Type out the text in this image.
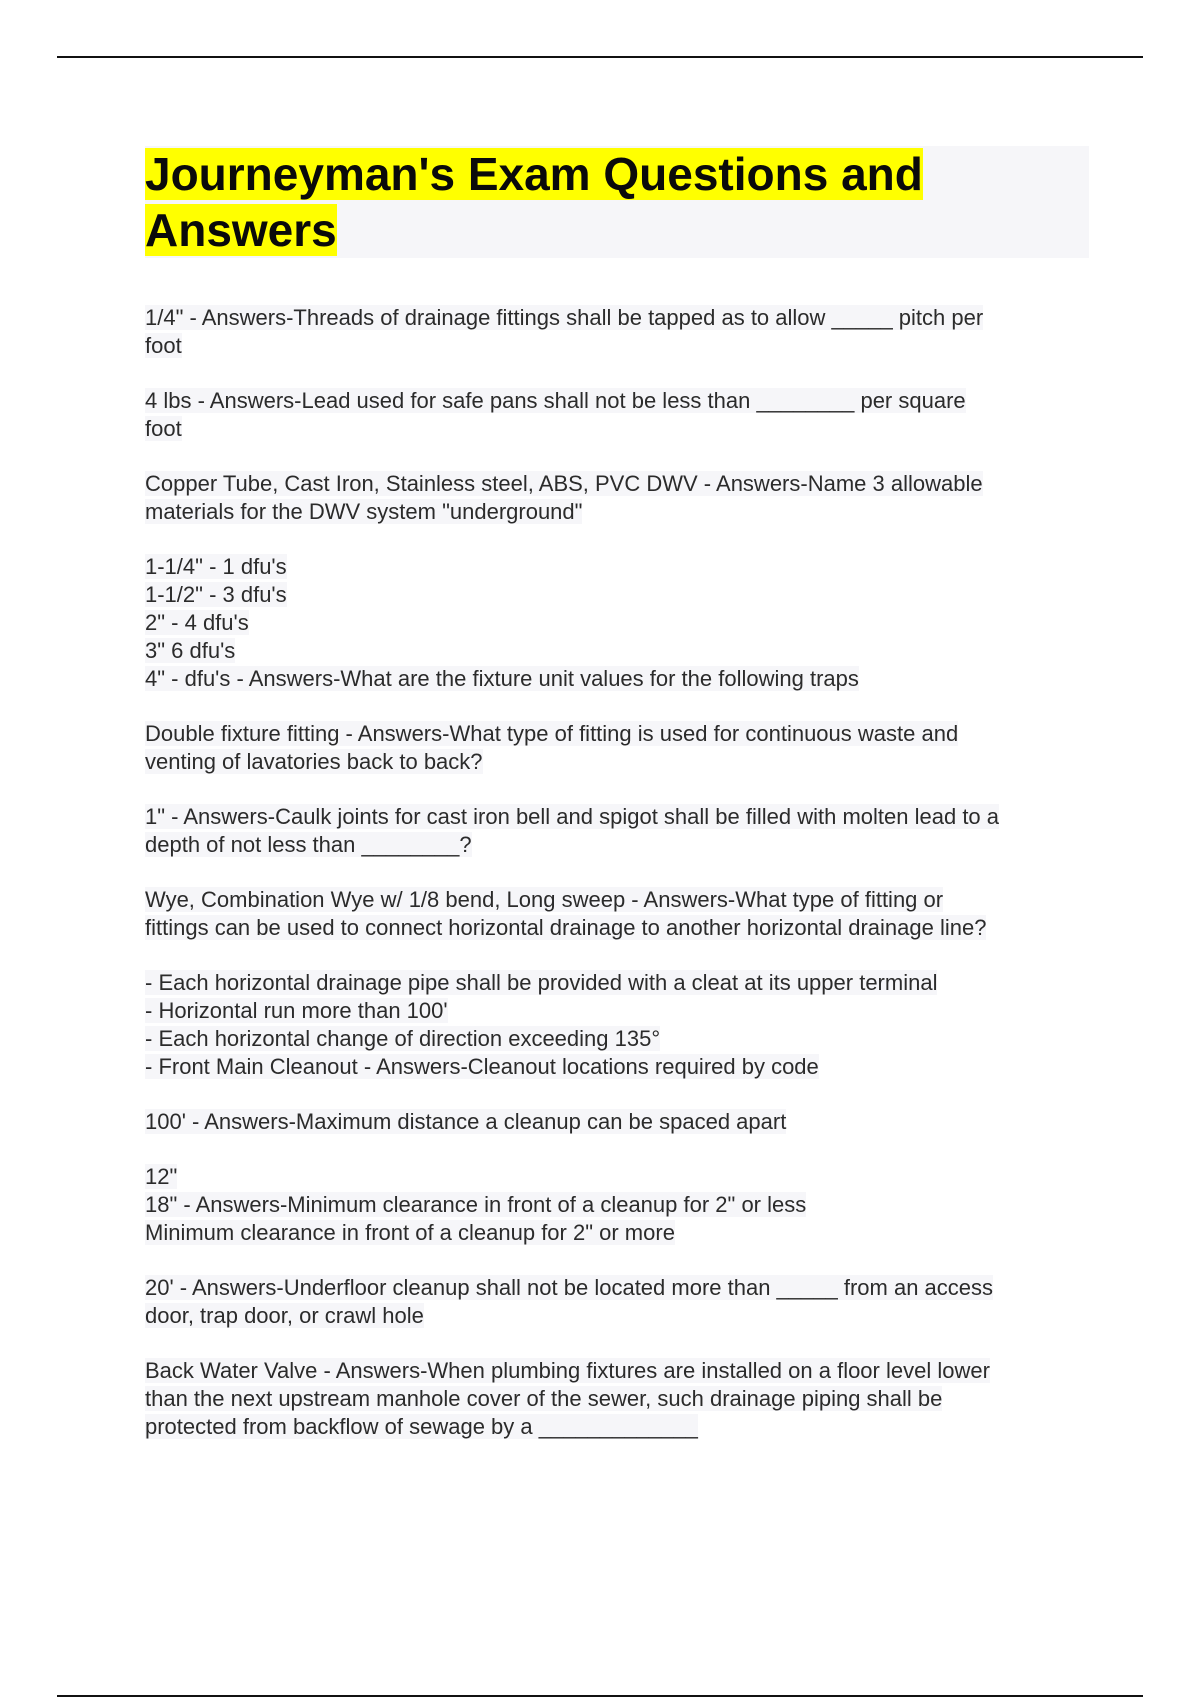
Journeyman's Exam Questions and
Answers
1/4" - Answers-Threads of drainage fittings shall be tapped as to allow _____ pitch per
foot
4 lbs - Answers-Lead used for safe pans shall not be less than ________ per square
foot
Copper Tube, Cast Iron, Stainless steel, ABS, PVC DWV - Answers-Name 3 allowable
materials for the DWV system "underground"
1-1/4" - 1 dfu's
1-1/2" - 3 dfu's
2" - 4 dfu's
3" 6 dfu's
4" - dfu's - Answers-What are the fixture unit values for the following traps
Double fixture fitting - Answers-What type of fitting is used for continuous waste and
venting of lavatories back to back?
1" - Answers-Caulk joints for cast iron bell and spigot shall be filled with molten lead to a
depth of not less than ________?
Wye, Combination Wye w/ 1/8 bend, Long sweep - Answers-What type of fitting or
fittings can be used to connect horizontal drainage to another horizontal drainage line?
- Each horizontal drainage pipe shall be provided with a cleat at its upper terminal
- Horizontal run more than 100'
- Each horizontal change of direction exceeding 135°
- Front Main Cleanout - Answers-Cleanout locations required by code
100' - Answers-Maximum distance a cleanup can be spaced apart
12"
18" - Answers-Minimum clearance in front of a cleanup for 2" or less
Minimum clearance in front of a cleanup for 2" or more
20' - Answers-Underfloor cleanup shall not be located more than _____ from an access
door, trap door, or crawl hole
Back Water Valve - Answers-When plumbing fixtures are installed on a floor level lower
than the next upstream manhole cover of the sewer, such drainage piping shall be
protected from backflow of sewage by a _____________
